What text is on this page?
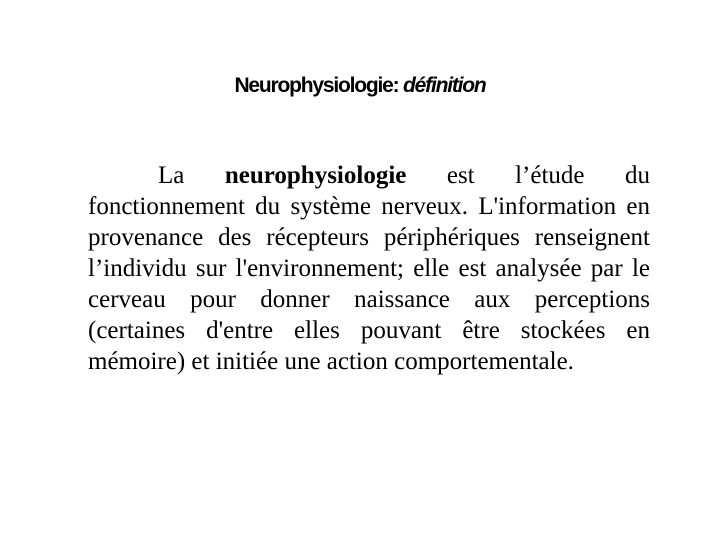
Neurophysiologie: définition

La neurophysiologie est l’étude du fonctionnement du système nerveux. L'information en provenance des récepteurs périphériques renseignent l’individu sur l'environnement; elle est analysée par le cerveau pour donner naissance aux perceptions (certaines d'entre elles pouvant être stockées en mémoire) et initiée une action comportementale.
